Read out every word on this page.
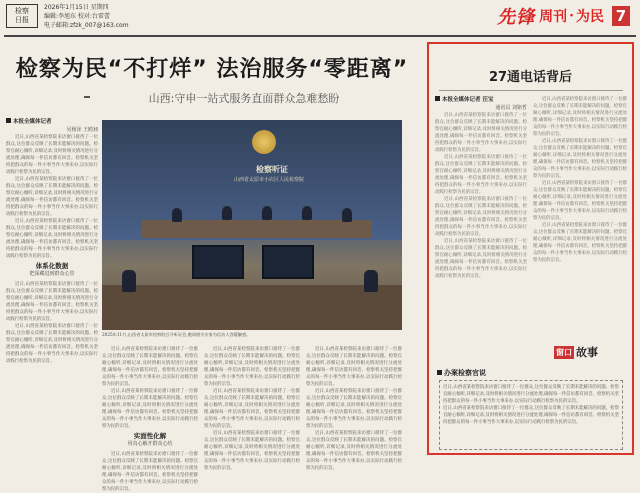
检察
日报
2026年1月15日 星期四
编辑:李旭东 校对:台雷蕾
电子邮箱:zfzk_007@163.com	先锋 周刊 · 为民 7
检察为民“不打烊” 法治服务“零距离”
山西:守申一站式服务直面群众急难愁盼
本报全媒体记者
吴杨泽 王鸥昶

近日,山西省某检察院来访窗口接待了一位群众,这位群众反映了长期未能解决的问题。检察官耐心倾听,详细记录,及时将相关情况进行分流处理,确保每一件信访都有回音。检察机关坚持把群众的每一件小事当作大事来办,以实际行动践行检察为民的宗旨。

近日,山西省某检察院来访窗口接待了一位群众,这位群众反映了长期未能解决的问题。检察官耐心倾听,详细记录,及时将相关情况进行分流处理,确保每一件信访都有回音。检察机关坚持把群众的每一件小事当作大事来办,以实际行动践行检察为民的宗旨。

近日,山西省某检察院来访窗口接待了一位群众,这位群众反映了长期未能解决的问题。检察官耐心倾听,详细记录,及时将相关情况进行分流处理,确保每一件信访都有回音。检察机关坚持把群众的每一件小事当作大事来办,以实际行动践行检察为民的宗旨。

体系化数据
把深藏进到群众心里

近日,山西省某检察院来访窗口接待了一位群众,这位群众反映了长期未能解决的问题。检察官耐心倾听,详细记录,及时将相关情况进行分流处理,确保每一件信访都有回音。检察机关坚持把群众的每一件小事当作大事来办,以实际行动践行检察为民的宗旨。

近日,山西省某检察院来访窗口接待了一位群众,这位群众反映了长期未能解决的问题。检察官耐心倾听,详细记录,及时将相关情况进行分流处理,确保每一件信访都有回音。检察机关坚持把群众的每一件小事当作大事来办,以实际行动践行检察为民的宗旨。

检察听证
山西省太原市小店区人民检察院
2025年11月,山西省太原市检察院召开听证会,邀请相关专家为信访人答疑解惑。

近日,山西省某检察院来访窗口接待了一位群众,这位群众反映了长期未能解决的问题。检察官耐心倾听,详细记录,及时将相关情况进行分流处理,确保每一件信访都有回音。检察机关坚持把群众的每一件小事当作大事来办,以实际行动践行检察为民的宗旨。

近日,山西省某检察院来访窗口接待了一位群众,这位群众反映了长期未能解决的问题。检察官耐心倾听,详细记录,及时将相关情况进行分流处理,确保每一件信访都有回音。检察机关坚持把群众的每一件小事当作大事来办,以实际行动践行检察为民的宗旨。

实面性化解
用真心解开群众心结

近日,山西省某检察院来访窗口接待了一位群众,这位群众反映了长期未能解决的问题。检察官耐心倾听,详细记录,及时将相关情况进行分流处理,确保每一件信访都有回音。检察机关坚持把群众的每一件小事当作大事来办,以实际行动践行检察为民的宗旨。

近日,山西省某检察院来访窗口接待了一位群众,这位群众反映了长期未能解决的问题。检察官耐心倾听,详细记录,及时将相关情况进行分流处理,确保每一件信访都有回音。检察机关坚持把群众的每一件小事当作大事来办,以实际行动践行检察为民的宗旨。

近日,山西省某检察院来访窗口接待了一位群众,这位群众反映了长期未能解决的问题。检察官耐心倾听,详细记录,及时将相关情况进行分流处理,确保每一件信访都有回音。检察机关坚持把群众的每一件小事当作大事来办,以实际行动践行检察为民的宗旨。

近日,山西省某检察院来访窗口接待了一位群众,这位群众反映了长期未能解决的问题。检察官耐心倾听,详细记录,及时将相关情况进行分流处理,确保每一件信访都有回音。检察机关坚持把群众的每一件小事当作大事来办,以实际行动践行检察为民的宗旨。

近日,山西省某检察院来访窗口接待了一位群众,这位群众反映了长期未能解决的问题。检察官耐心倾听,详细记录,及时将相关情况进行分流处理,确保每一件信访都有回音。检察机关坚持把群众的每一件小事当作大事来办,以实际行动践行检察为民的宗旨。

近日,山西省某检察院来访窗口接待了一位群众,这位群众反映了长期未能解决的问题。检察官耐心倾听,详细记录,及时将相关情况进行分流处理,确保每一件信访都有回音。检察机关坚持把群众的每一件小事当作大事来办,以实际行动践行检察为民的宗旨。

近日,山西省某检察院来访窗口接待了一位群众,这位群众反映了长期未能解决的问题。检察官耐心倾听,详细记录,及时将相关情况进行分流处理,确保每一件信访都有回音。检察机关坚持把群众的每一件小事当作大事来办,以实际行动践行检察为民的宗旨。

27通电话背后
本报全媒体记者 汪宝
通讯员 刘铭哲

近日,山西省某检察院来访窗口接待了一位群众,这位群众反映了长期未能解决的问题。检察官耐心倾听,详细记录,及时将相关情况进行分流处理,确保每一件信访都有回音。检察机关坚持把群众的每一件小事当作大事来办,以实际行动践行检察为民的宗旨。

近日,山西省某检察院来访窗口接待了一位群众,这位群众反映了长期未能解决的问题。检察官耐心倾听,详细记录,及时将相关情况进行分流处理,确保每一件信访都有回音。检察机关坚持把群众的每一件小事当作大事来办,以实际行动践行检察为民的宗旨。

近日,山西省某检察院来访窗口接待了一位群众,这位群众反映了长期未能解决的问题。检察官耐心倾听,详细记录,及时将相关情况进行分流处理,确保每一件信访都有回音。检察机关坚持把群众的每一件小事当作大事来办,以实际行动践行检察为民的宗旨。

近日,山西省某检察院来访窗口接待了一位群众,这位群众反映了长期未能解决的问题。检察官耐心倾听,详细记录,及时将相关情况进行分流处理,确保每一件信访都有回音。检察机关坚持把群众的每一件小事当作大事来办,以实际行动践行检察为民的宗旨。

近日,山西省某检察院来访窗口接待了一位群众,这位群众反映了长期未能解决的问题。检察官耐心倾听,详细记录,及时将相关情况进行分流处理,确保每一件信访都有回音。检察机关坚持把群众的每一件小事当作大事来办,以实际行动践行检察为民的宗旨。

近日,山西省某检察院来访窗口接待了一位群众,这位群众反映了长期未能解决的问题。检察官耐心倾听,详细记录,及时将相关情况进行分流处理,确保每一件信访都有回音。检察机关坚持把群众的每一件小事当作大事来办,以实际行动践行检察为民的宗旨。

近日,山西省某检察院来访窗口接待了一位群众,这位群众反映了长期未能解决的问题。检察官耐心倾听,详细记录,及时将相关情况进行分流处理,确保每一件信访都有回音。检察机关坚持把群众的每一件小事当作大事来办,以实际行动践行检察为民的宗旨。

近日,山西省某检察院来访窗口接待了一位群众,这位群众反映了长期未能解决的问题。检察官耐心倾听,详细记录,及时将相关情况进行分流处理,确保每一件信访都有回音。检察机关坚持把群众的每一件小事当作大事来办,以实际行动践行检察为民的宗旨。

窗口 故事
办案检察官说

近日,山西省某检察院来访窗口接待了一位群众,这位群众反映了长期未能解决的问题。检察官耐心倾听,详细记录,及时将相关情况进行分流处理,确保每一件信访都有回音。检察机关坚持把群众的每一件小事当作大事来办,以实际行动践行检察为民的宗旨。

近日,山西省某检察院来访窗口接待了一位群众,这位群众反映了长期未能解决的问题。检察官耐心倾听,详细记录,及时将相关情况进行分流处理,确保每一件信访都有回音。检察机关坚持把群众的每一件小事当作大事来办,以实际行动践行检察为民的宗旨。
